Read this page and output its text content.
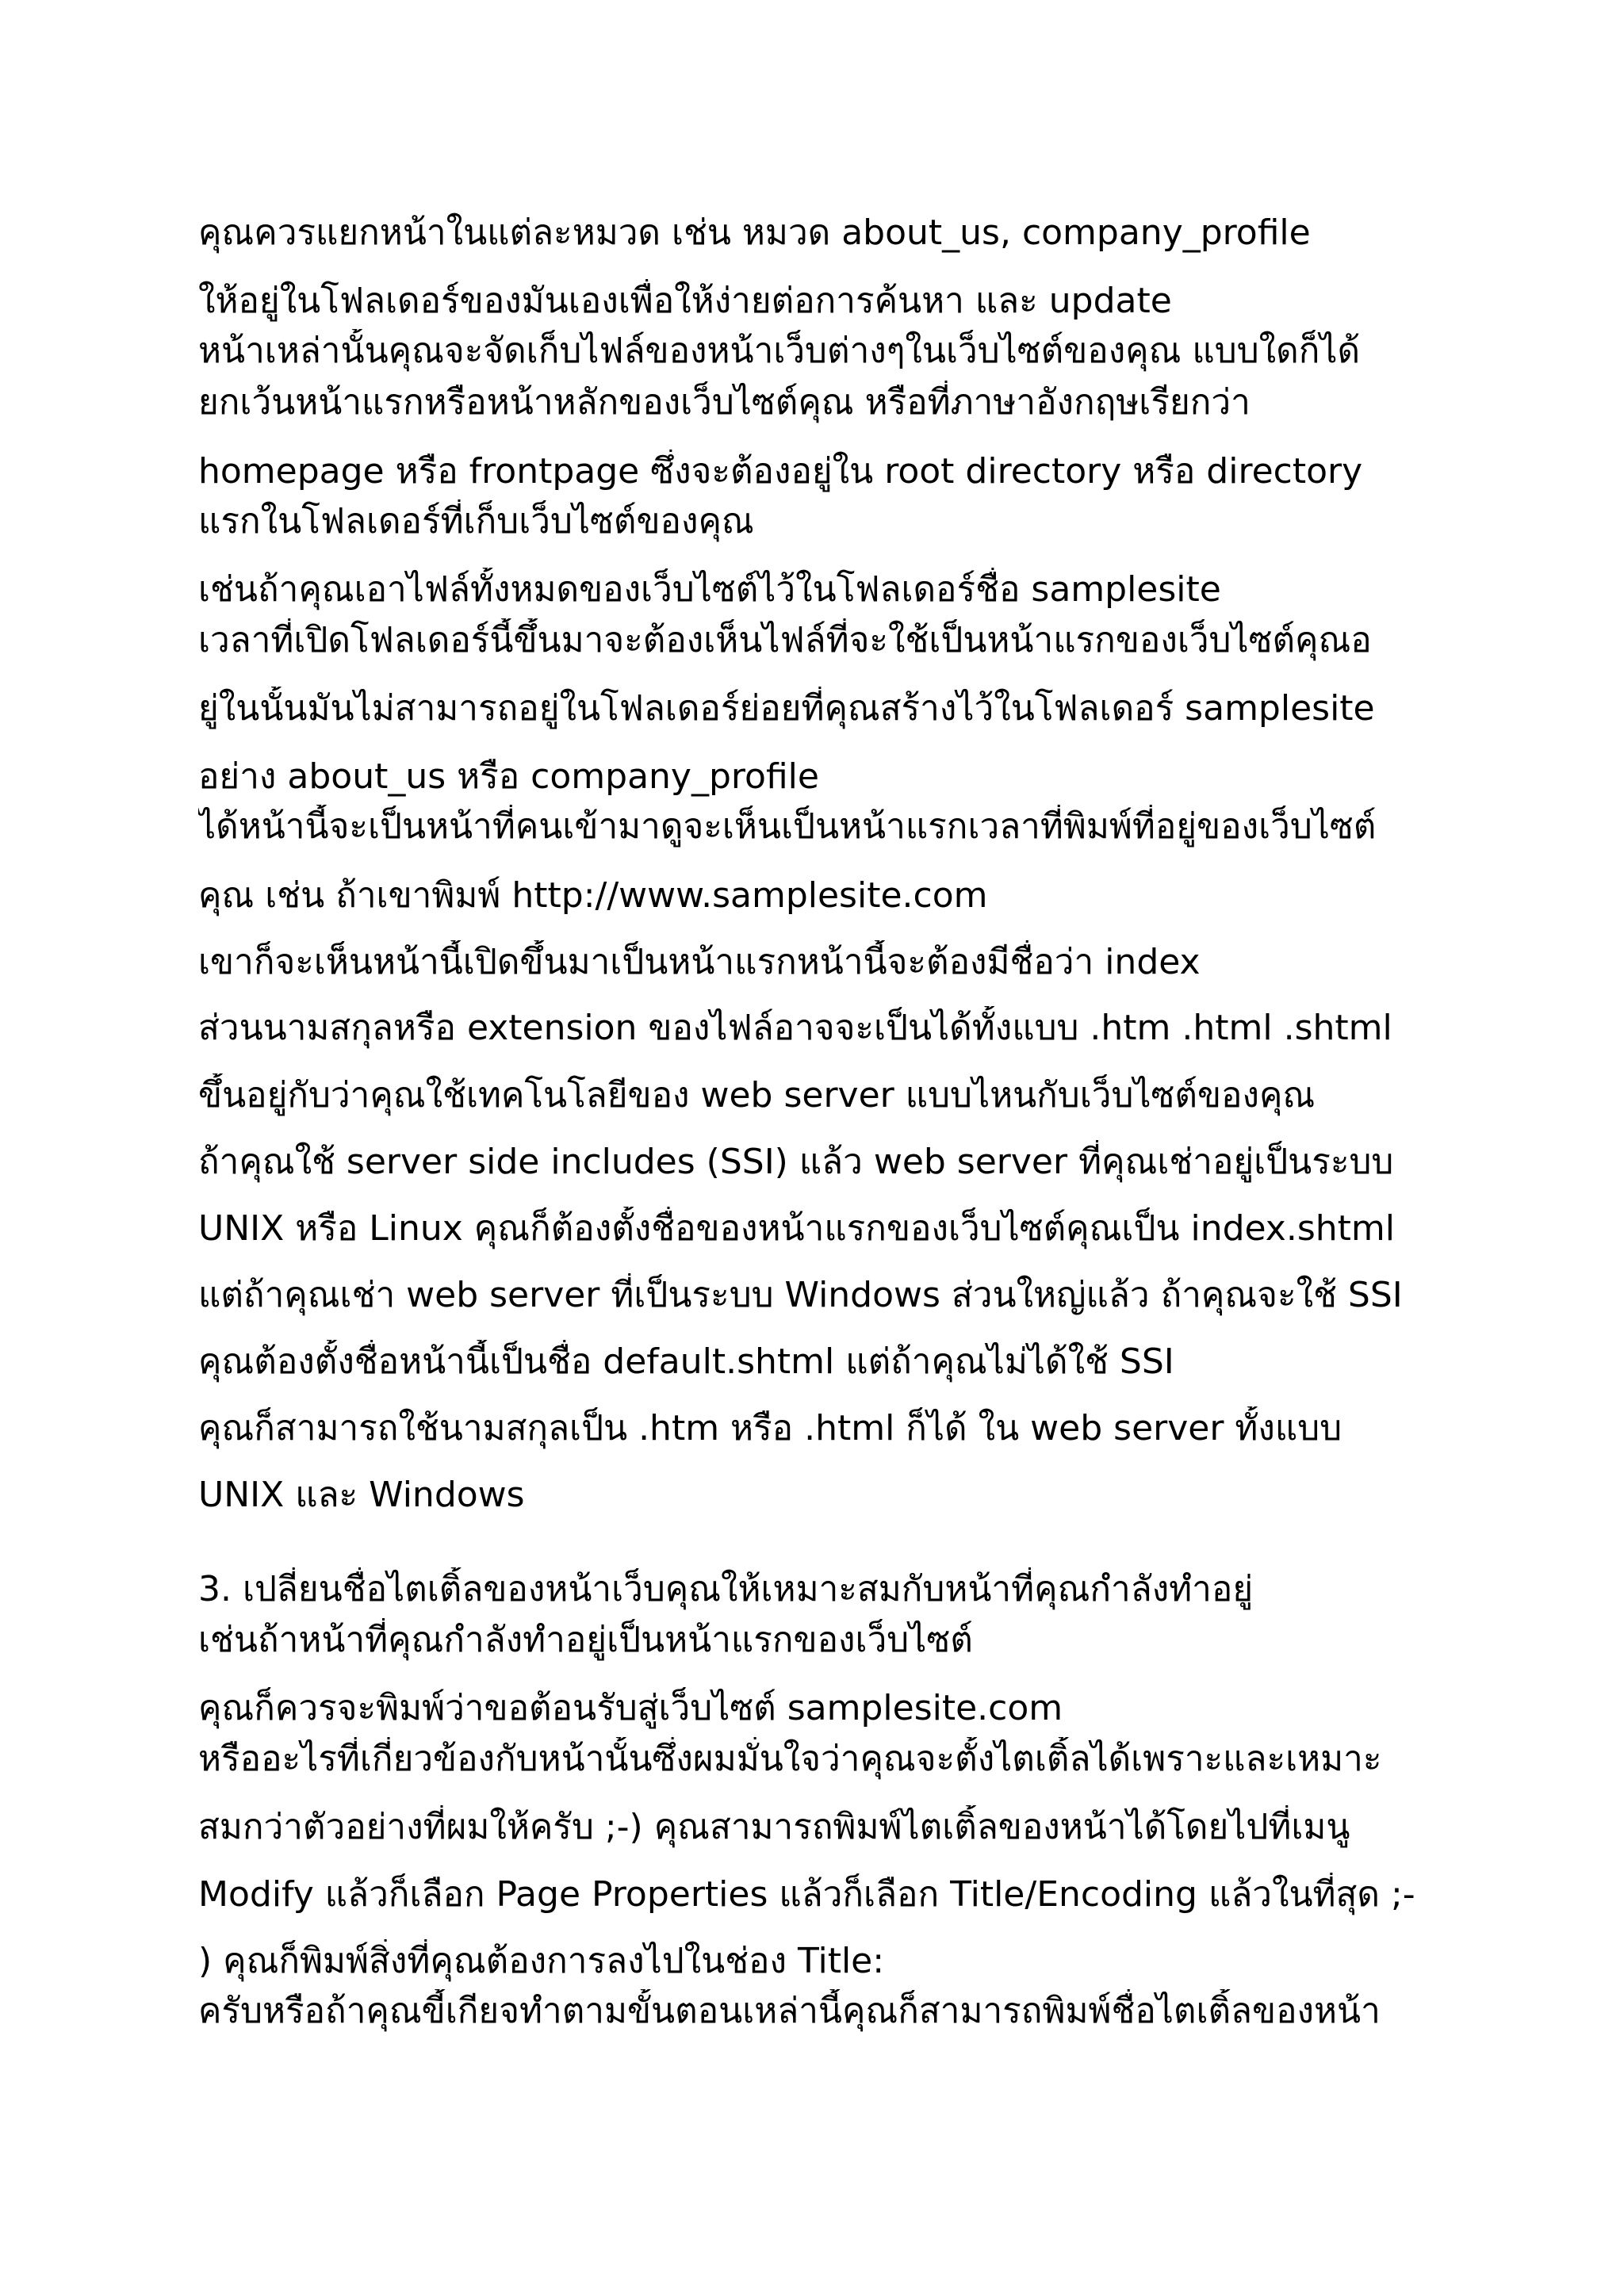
คุณควรแยกหน้าในแต่ละหมวด เช่น หมวด about_us, company_profile
ให้อยู่ในโฟลเดอร์ของมันเองเพื่อให้ง่ายต่อการค้นหา และ update
หน้าเหล่านั้นคุณจะจัดเก็บไฟล์ของหน้าเว็บต่างๆในเว็บไซต์ของคุณ แบบใดก็ได้
ยกเว้นหน้าแรกหรือหน้าหลักของเว็บไซต์คุณ หรือที่ภาษาอังกฤษเรียกว่า
homepage หรือ frontpage ซึ่งจะต้องอยู่ใน root directory หรือ directory
แรกในโฟลเดอร์ที่เก็บเว็บไซต์ของคุณ
เช่นถ้าคุณเอาไฟล์ทั้งหมดของเว็บไซต์ไว้ในโฟลเดอร์ชื่อ samplesite
เวลาที่เปิดโฟลเดอร์นี้ขึ้นมาจะต้องเห็นไฟล์ที่จะใช้เป็นหน้าแรกของเว็บไซต์คุณอ
ยู่ในนั้นมันไม่สามารถอยู่ในโฟลเดอร์ย่อยที่คุณสร้างไว้ในโฟลเดอร์ samplesite
อย่าง about_us หรือ company_profile
ได้หน้านี้จะเป็นหน้าที่คนเข้ามาดูจะเห็นเป็นหน้าแรกเวลาที่พิมพ์ที่อยู่ของเว็บไซต์
คุณ เช่น ถ้าเขาพิมพ์ http://www.samplesite.com
เขาก็จะเห็นหน้านี้เปิดขึ้นมาเป็นหน้าแรกหน้านี้จะต้องมีชื่อว่า index
ส่วนนามสกุลหรือ extension ของไฟล์อาจจะเป็นได้ทั้งแบบ .htm .html .shtml
ขึ้นอยู่กับว่าคุณใช้เทคโนโลยีของ web server แบบไหนกับเว็บไซต์ของคุณ
ถ้าคุณใช้ server side includes (SSI) แล้ว web server ที่คุณเช่าอยู่เป็นระบบ
UNIX หรือ Linux คุณก็ต้องตั้งชื่อของหน้าแรกของเว็บไซต์คุณเป็น index.shtml
แต่ถ้าคุณเช่า web server ที่เป็นระบบ Windows ส่วนใหญ่แล้ว ถ้าคุณจะใช้ SSI
คุณต้องตั้งชื่อหน้านี้เป็นชื่อ default.shtml แต่ถ้าคุณไม่ได้ใช้ SSI
คุณก็สามารถใช้นามสกุลเป็น .htm หรือ .html ก็ได้ ใน web server ทั้งแบบ
UNIX และ Windows
3. เปลี่ยนชื่อไตเติ้ลของหน้าเว็บคุณให้เหมาะสมกับหน้าที่คุณกำลังทำอยู่
เช่นถ้าหน้าที่คุณกำลังทำอยู่เป็นหน้าแรกของเว็บไซต์
คุณก็ควรจะพิมพ์ว่าขอต้อนรับสู่เว็บไซต์ samplesite.com
หรืออะไรที่เกี่ยวข้องกับหน้านั้นซึ่งผมมั่นใจว่าคุณจะตั้งไตเติ้ลได้เพราะและเหมาะ
สมกว่าตัวอย่างที่ผมให้ครับ ;-) คุณสามารถพิมพ์ไตเติ้ลของหน้าได้โดยไปที่เมนู
Modify แล้วก็เลือก Page Properties แล้วก็เลือก Title/Encoding แล้วในที่สุด ;-
) คุณก็พิมพ์สิ่งที่คุณต้องการลงไปในช่อง Title:
ครับหรือถ้าคุณขี้เกียจทำตามขั้นตอนเหล่านี้คุณก็สามารถพิมพ์ชื่อไตเติ้ลของหน้า
